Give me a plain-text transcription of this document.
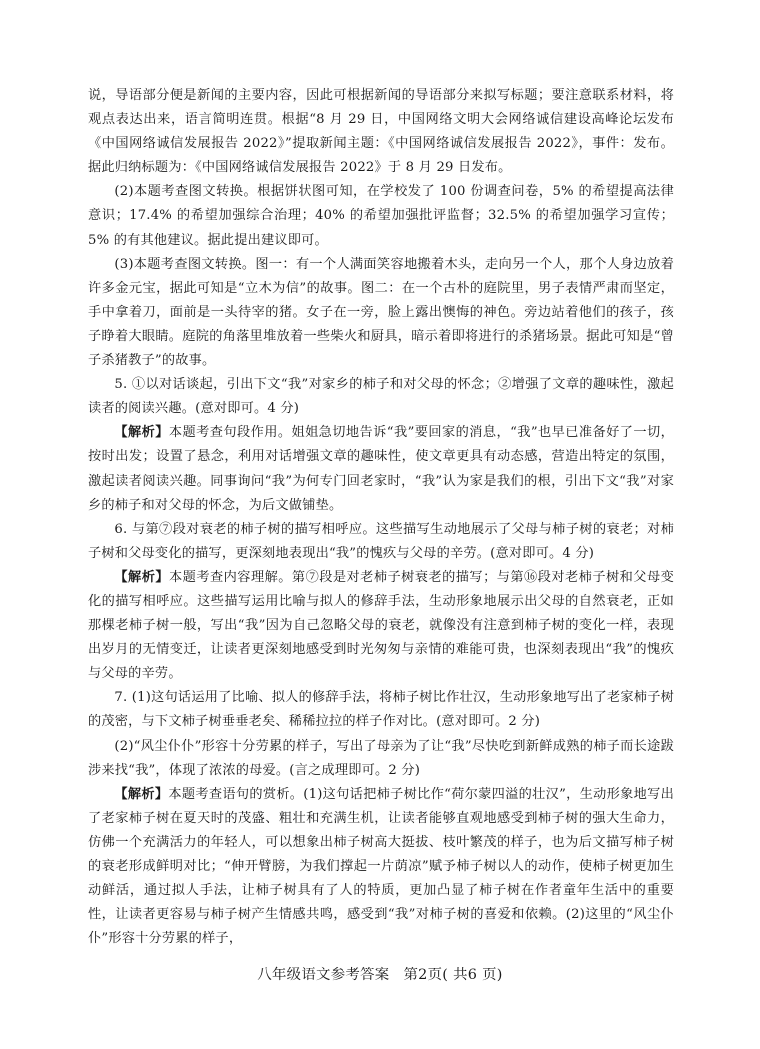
说，导语部分便是新闻的主要内容，因此可根据新闻的导语部分来拟写标题；要注意联系材料，将观点表达出来，语言简明连贯。根据“8 月 29 日，中国网络文明大会网络诚信建设高峰论坛发布《中国网络诚信发展报告 2022》”提取新闻主题：《中国网络诚信发展报告 2022》，事件：发布。据此归纳标题为：《中国网络诚信发展报告 2022》于 8 月 29 日发布。

(2)本题考查图文转换。根据饼状图可知，在学校发了 100 份调查问卷，5% 的希望提高法律意识；17.4% 的希望加强综合治理；40% 的希望加强批评监督；32.5% 的希望加强学习宣传；5% 的有其他建议。据此提出建议即可。

(3)本题考查图文转换。图一：有一个人满面笑容地搬着木头，走向另一个人，那个人身边放着许多金元宝，据此可知是“立木为信”的故事。图二：在一个古朴的庭院里，男子表情严肃而坚定，手中拿着刀，面前是一头待宰的猪。女子在一旁，脸上露出懊悔的神色。旁边站着他们的孩子，孩子睁着大眼睛。庭院的角落里堆放着一些柴火和厨具，暗示着即将进行的杀猪场景。据此可知是“曾子杀猪教子”的故事。

5. ①以对话谈起，引出下文“我”对家乡的柿子和对父母的怀念；②增强了文章的趣味性，激起读者的阅读兴趣。(意对即可。4 分)

【解析】本题考查句段作用。姐姐急切地告诉“我”要回家的消息，“我”也早已准备好了一切，按时出发；设置了悬念，利用对话增强文章的趣味性，使文章更具有动态感，营造出特定的氛围，激起读者阅读兴趣。同事询问“我”为何专门回老家时，“我”认为家是我们的根，引出下文“我”对家乡的柿子和对父母的怀念，为后文做铺垫。

6. 与第⑦段对衰老的柿子树的描写相呼应。这些描写生动地展示了父母与柿子树的衰老；对柿子树和父母变化的描写，更深刻地表现出“我”的愧疚与父母的辛劳。(意对即可。4 分)

【解析】本题考查内容理解。第⑦段是对老柿子树衰老的描写；与第⑯段对老柿子树和父母变化的描写相呼应。这些描写运用比喻与拟人的修辞手法，生动形象地展示出父母的自然衰老，正如那棵老柿子树一般，写出“我”因为自己忽略父母的衰老，就像没有注意到柿子树的变化一样，表现出岁月的无情变迁，让读者更深刻地感受到时光匆匆与亲情的难能可贵，也深刻表现出“我”的愧疚与父母的辛劳。

7. (1)这句话运用了比喻、拟人的修辞手法，将柿子树比作壮汉，生动形象地写出了老家柿子树的茂密，与下文柿子树垂垂老矣、稀稀拉拉的样子作对比。(意对即可。2 分)

(2)“风尘仆仆”形容十分劳累的样子，写出了母亲为了让“我”尽快吃到新鲜成熟的柿子而长途跋涉来找“我”，体现了浓浓的母爱。(言之成理即可。2 分)

【解析】本题考查语句的赏析。(1)这句话把柿子树比作“荷尔蒙四溢的壮汉”，生动形象地写出了老家柿子树在夏天时的茂盛、粗壮和充满生机，让读者能够直观地感受到柿子树的强大生命力，仿佛一个充满活力的年轻人，可以想象出柿子树高大挺拔、枝叶繁茂的样子，也为后文描写柿子树的衰老形成鲜明对比；“伸开臂膀，为我们撑起一片荫凉”赋予柿子树以人的动作，使柿子树更加生动鲜活，通过拟人手法，让柿子树具有了人的特质，更加凸显了柿子树在作者童年生活中的重要性，让读者更容易与柿子树产生情感共鸣，感受到“我”对柿子树的喜爱和依赖。(2)这里的“风尘仆仆”形容十分劳累的样子，

八年级语文参考答案 第2页( 共6 页)
